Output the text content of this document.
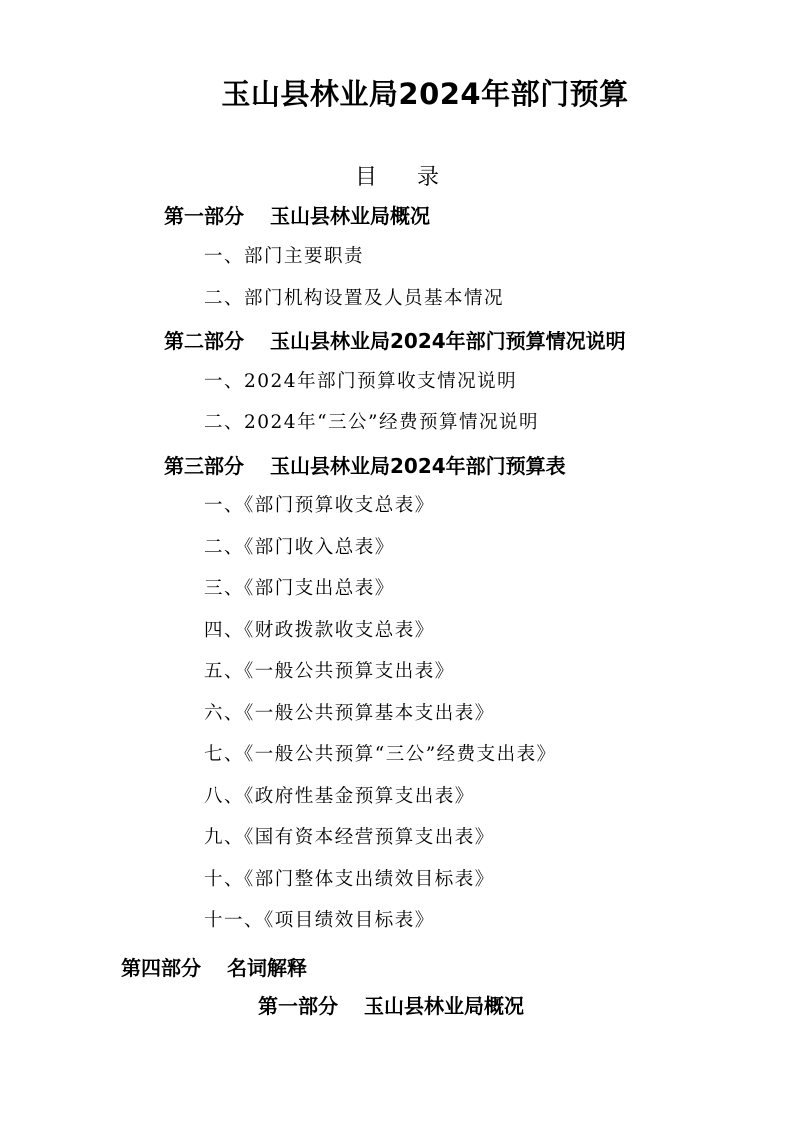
玉山县林业局2024年部门预算
目录
第一部分 玉山县林业局概况
一、部门主要职责
二、部门机构设置及人员基本情况
第二部分 玉山县林业局2024年部门预算情况说明
一、2024年部门预算收支情况说明
二、2024年“三公”经费预算情况说明
第三部分 玉山县林业局2024年部门预算表
一、《部门预算收支总表》
二、《部门收入总表》
三、《部门支出总表》
四、《财政拨款收支总表》
五、《一般公共预算支出表》
六、《一般公共预算基本支出表》
七、《一般公共预算“三公”经费支出表》
八、《政府性基金预算支出表》
九、《国有资本经营预算支出表》
十、《部门整体支出绩效目标表》
十一、《项目绩效目标表》
第四部分 名词解释
第一部分 玉山县林业局概况
